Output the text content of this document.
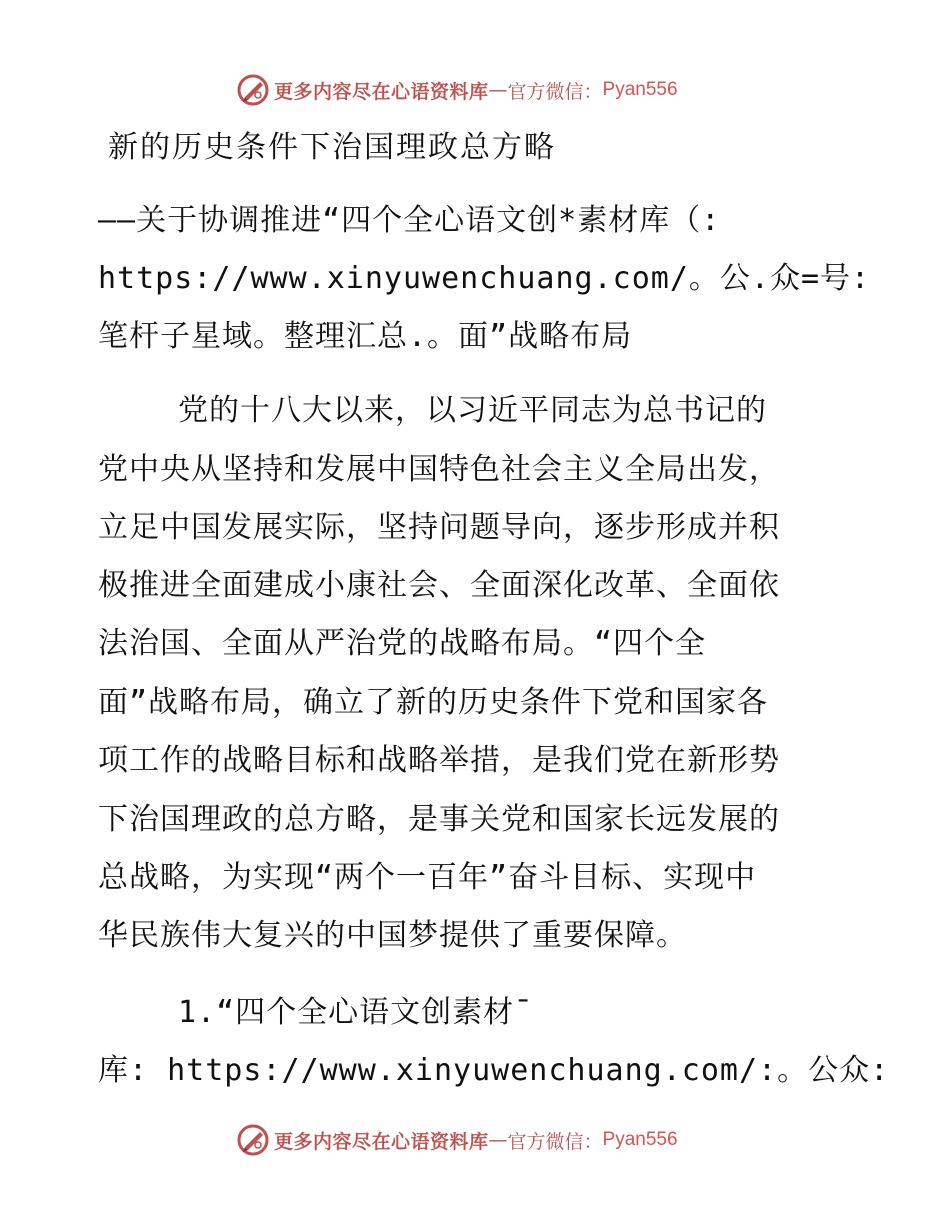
更多内容尽在心语资料库 — 官方微信： Pyan556
新的历史条件下治国理政总方略
——关于协调推进“四个全心语文创*素材库（:
https://www.xinyuwenchuang.com/。公.众=号:
笔杆子星域。整理汇总.。面”战略布局
党的十八大以来，以习近平同志为总书记的
党中央从坚持和发展中国特色社会主义全局出发，
立足中国发展实际，坚持问题导向，逐步形成并积
极推进全面建成小康社会、全面深化改革、全面依
法治国、全面从严治党的战略布局。“四个全
面”战略布局，确立了新的历史条件下党和国家各
项工作的战略目标和战略举措，是我们党在新形势
下治国理政的总方略，是事关党和国家长远发展的
总战略，为实现“两个一百年”奋斗目标、实现中
华民族伟大复兴的中国梦提供了重要保障。
1.“四个全心语文创素材¯
库: https://www.xinyuwenchuang.com/:。公众:
更多内容尽在心语资料库 — 官方微信： Pyan556
